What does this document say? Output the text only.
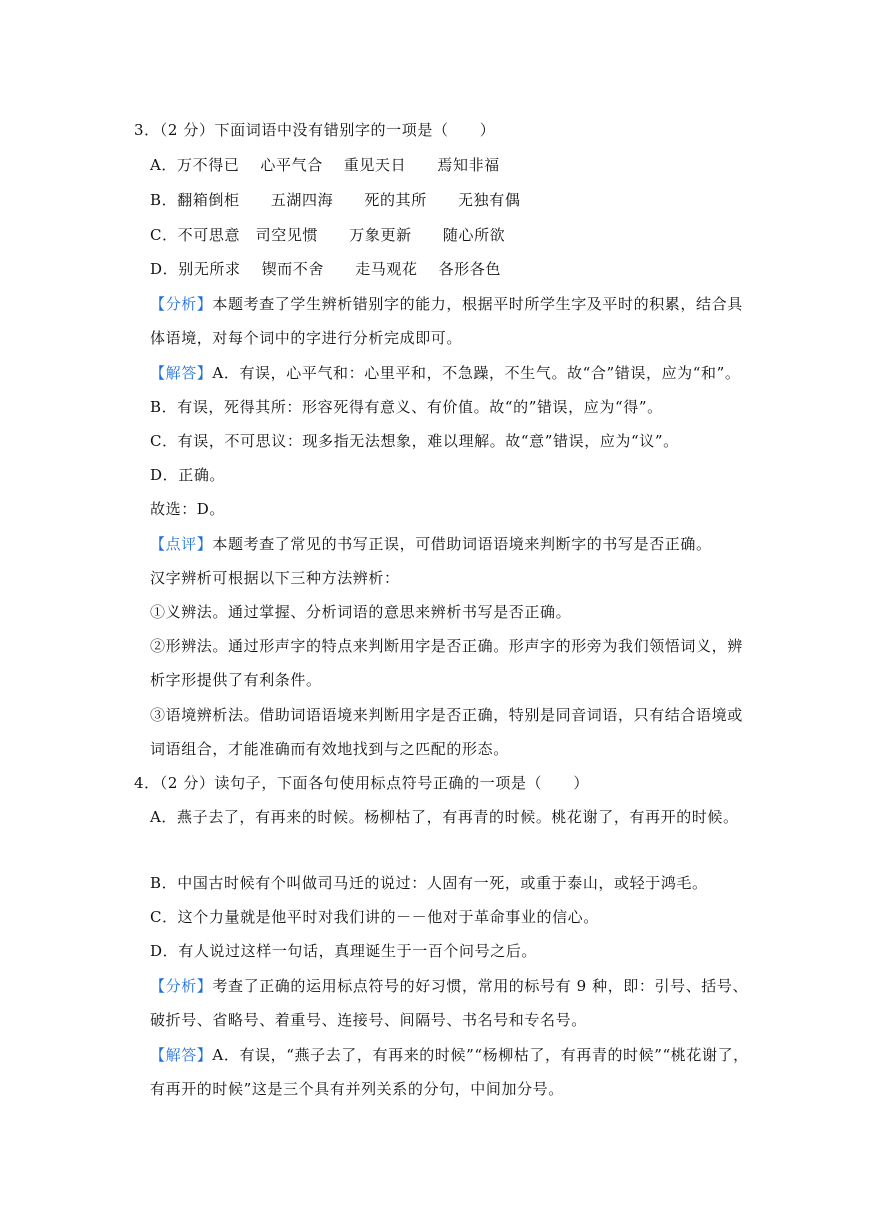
3．（2 分）下面词语中没有错别字的一项是（　　）
A．万不得已　 心平气合　 重见天日　　焉知非福
B．翻箱倒柜　　五湖四海　　死的其所　　无独有偶
C．不可思意　司空见惯　　万象更新　　随心所欲
D．别无所求　 锲而不舍　　走马观花　 各形各色
【分析】本题考查了学生辨析错别字的能力，根据平时所学生字及平时的积累，结合具
体语境，对每个词中的字进行分析完成即可。
【解答】A．有误，心平气和：心里平和，不急躁，不生气。故“合”错误，应为“和”。
B．有误，死得其所：形容死得有意义、有价值。故“的”错误，应为“得”。
C．有误，不可思议：现多指无法想象，难以理解。故“意”错误，应为“议”。
D．正确。
故选：D。
【点评】本题考查了常见的书写正误，可借助词语语境来判断字的书写是否正确。
汉字辨析可根据以下三种方法辨析：
①义辨法。通过掌握、分析词语的意思来辨析书写是否正确。
②形辨法。通过形声字的特点来判断用字是否正确。形声字的形旁为我们领悟词义，辨
析字形提供了有利条件。
③语境辨析法。借助词语语境来判断用字是否正确，特别是同音词语，只有结合语境或
词语组合，才能准确而有效地找到与之匹配的形态。
4．（2 分）读句子，下面各句使用标点符号正确的一项是（　　）
A．燕子去了，有再来的时候。杨柳枯了，有再青的时候。桃花谢了，有再开的时候。
B．中国古时候有个叫做司马迁的说过：人固有一死，或重于泰山，或轻于鸿毛。
C．这个力量就是他平时对我们讲的－－他对于革命事业的信心。
D．有人说过这样一句话，真理诞生于一百个问号之后。
【分析】考查了正确的运用标点符号的好习惯，常用的标号有 9 种，即：引号、括号、
破折号、省略号、着重号、连接号、间隔号、书名号和专名号。
【解答】A．有误，“燕子去了，有再来的时候”“杨柳枯了，有再青的时候”“桃花谢了，
有再开的时候”这是三个具有并列关系的分句，中间加分号。
